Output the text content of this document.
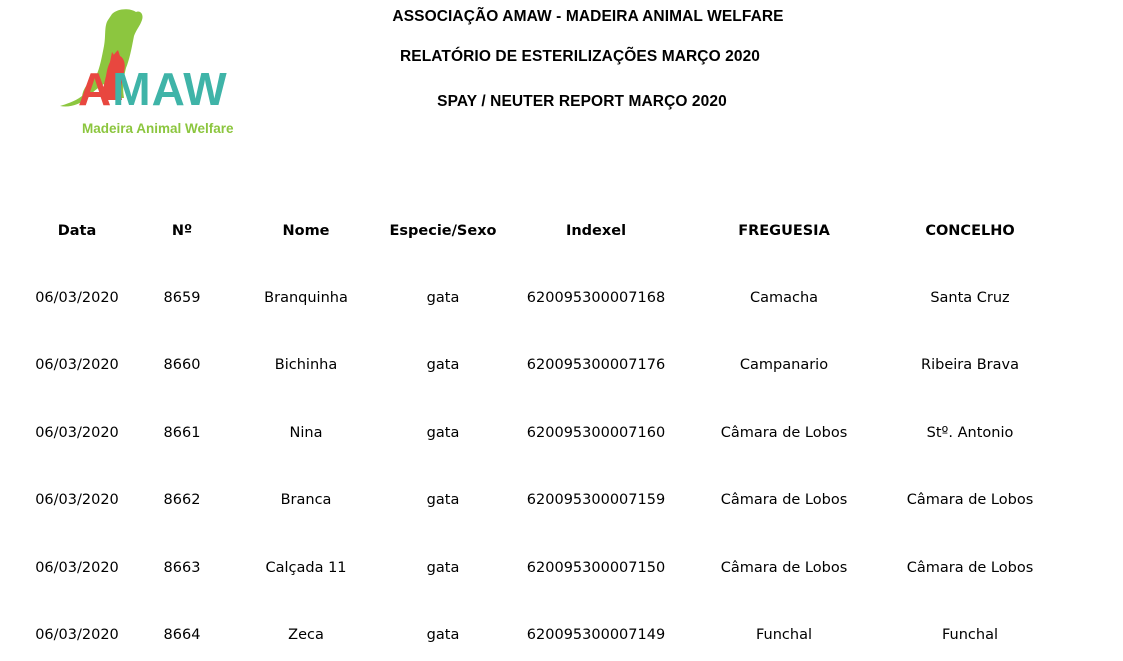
AMAW
Madeira Animal Welfare
ASSOCIAÇÃO AMAW - MADEIRA ANIMAL WELFARE
RELATÓRIO DE ESTERILIZAÇÕES MARÇO 2020
SPAY / NEUTER REPORT MARÇO 2020
Data	Nº	Nome	Especie/Sexo	Indexel	FREGUESIA	CONCELHO
06/03/2020	8659	Branquinha	gata	620095300007168	Camacha	Santa Cruz
06/03/2020	8660	Bichinha	gata	620095300007176	Campanario	Ribeira Brava
06/03/2020	8661	Nina	gata	620095300007160	Câmara de Lobos	Stº. Antonio
06/03/2020	8662	Branca	gata	620095300007159	Câmara de Lobos	Câmara de Lobos
06/03/2020	8663	Calçada 11	gata	620095300007150	Câmara de Lobos	Câmara de Lobos
06/03/2020	8664	Zeca	gata	620095300007149	Funchal	Funchal
